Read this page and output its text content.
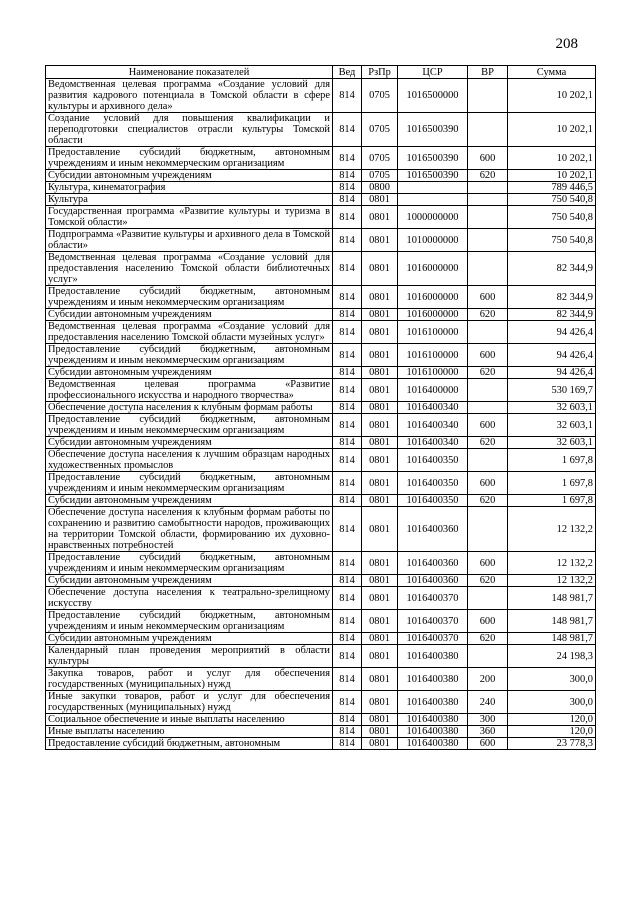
208
Наименование показателей	Вед	РзПр	ЦСР	ВР	Сумма
Ведомственная целевая программа «Создание условий для развития кадрового потенциала в Томской области в сфере культуры и архивного дела»	814	0705	1016500000		10 202,1
Создание условий для повышения квалификации и переподготовки специалистов отрасли культуры Томской области	814	0705	1016500390		10 202,1
Предоставление субсидий бюджетным, автономным учреждениям и иным некоммерческим организациям	814	0705	1016500390	600	10 202,1
Субсидии автономным учреждениям	814	0705	1016500390	620	10 202,1
Культура, кинематография	814	0800			789 446,5
Культура	814	0801			750 540,8
Государственная программа «Развитие культуры и туризма в Томской области»	814	0801	1000000000		750 540,8
Подпрограмма «Развитие культуры и архивного дела в Томской области»	814	0801	1010000000		750 540,8
Ведомственная целевая программа «Создание условий для предоставления населению Томской области библиотечных услуг»	814	0801	1016000000		82 344,9
Предоставление субсидий бюджетным, автономным учреждениям и иным некоммерческим организациям	814	0801	1016000000	600	82 344,9
Субсидии автономным учреждениям	814	0801	1016000000	620	82 344,9
Ведомственная целевая программа «Создание условий для предоставления населению Томской области музейных услуг»	814	0801	1016100000		94 426,4
Предоставление субсидий бюджетным, автономным учреждениям и иным некоммерческим организациям	814	0801	1016100000	600	94 426,4
Субсидии автономным учреждениям	814	0801	1016100000	620	94 426,4
Ведомственная целевая программа «Развитие профессионального искусства и народного творчества»	814	0801	1016400000		530 169,7
Обеспечение доступа населения к клубным формам работы	814	0801	1016400340		32 603,1
Предоставление субсидий бюджетным, автономным учреждениям и иным некоммерческим организациям	814	0801	1016400340	600	32 603,1
Субсидии автономным учреждениям	814	0801	1016400340	620	32 603,1
Обеспечение доступа населения к лучшим образцам народных художественных промыслов	814	0801	1016400350		1 697,8
Предоставление субсидий бюджетным, автономным учреждениям и иным некоммерческим организациям	814	0801	1016400350	600	1 697,8
Субсидии автономным учреждениям	814	0801	1016400350	620	1 697,8
Обеспечение доступа населения к клубным формам работы по сохранению и развитию самобытности народов, проживающих на территории Томской области, формированию их духовно-нравственных потребностей	814	0801	1016400360		12 132,2
Предоставление субсидий бюджетным, автономным учреждениям и иным некоммерческим организациям	814	0801	1016400360	600	12 132,2
Субсидии автономным учреждениям	814	0801	1016400360	620	12 132,2
Обеспечение доступа населения к театрально-зрелищному искусству	814	0801	1016400370		148 981,7
Предоставление субсидий бюджетным, автономным учреждениям и иным некоммерческим организациям	814	0801	1016400370	600	148 981,7
Субсидии автономным учреждениям	814	0801	1016400370	620	148 981,7
Календарный план проведения мероприятий в области культуры	814	0801	1016400380		24 198,3
Закупка товаров, работ и услуг для обеспечения государственных (муниципальных) нужд	814	0801	1016400380	200	300,0
Иные закупки товаров, работ и услуг для обеспечения государственных (муниципальных) нужд	814	0801	1016400380	240	300,0
Социальное обеспечение и иные выплаты населению	814	0801	1016400380	300	120,0
Иные выплаты населению	814	0801	1016400380	360	120,0
Предоставление субсидий бюджетным, автономным	814	0801	1016400380	600	23 778,3
